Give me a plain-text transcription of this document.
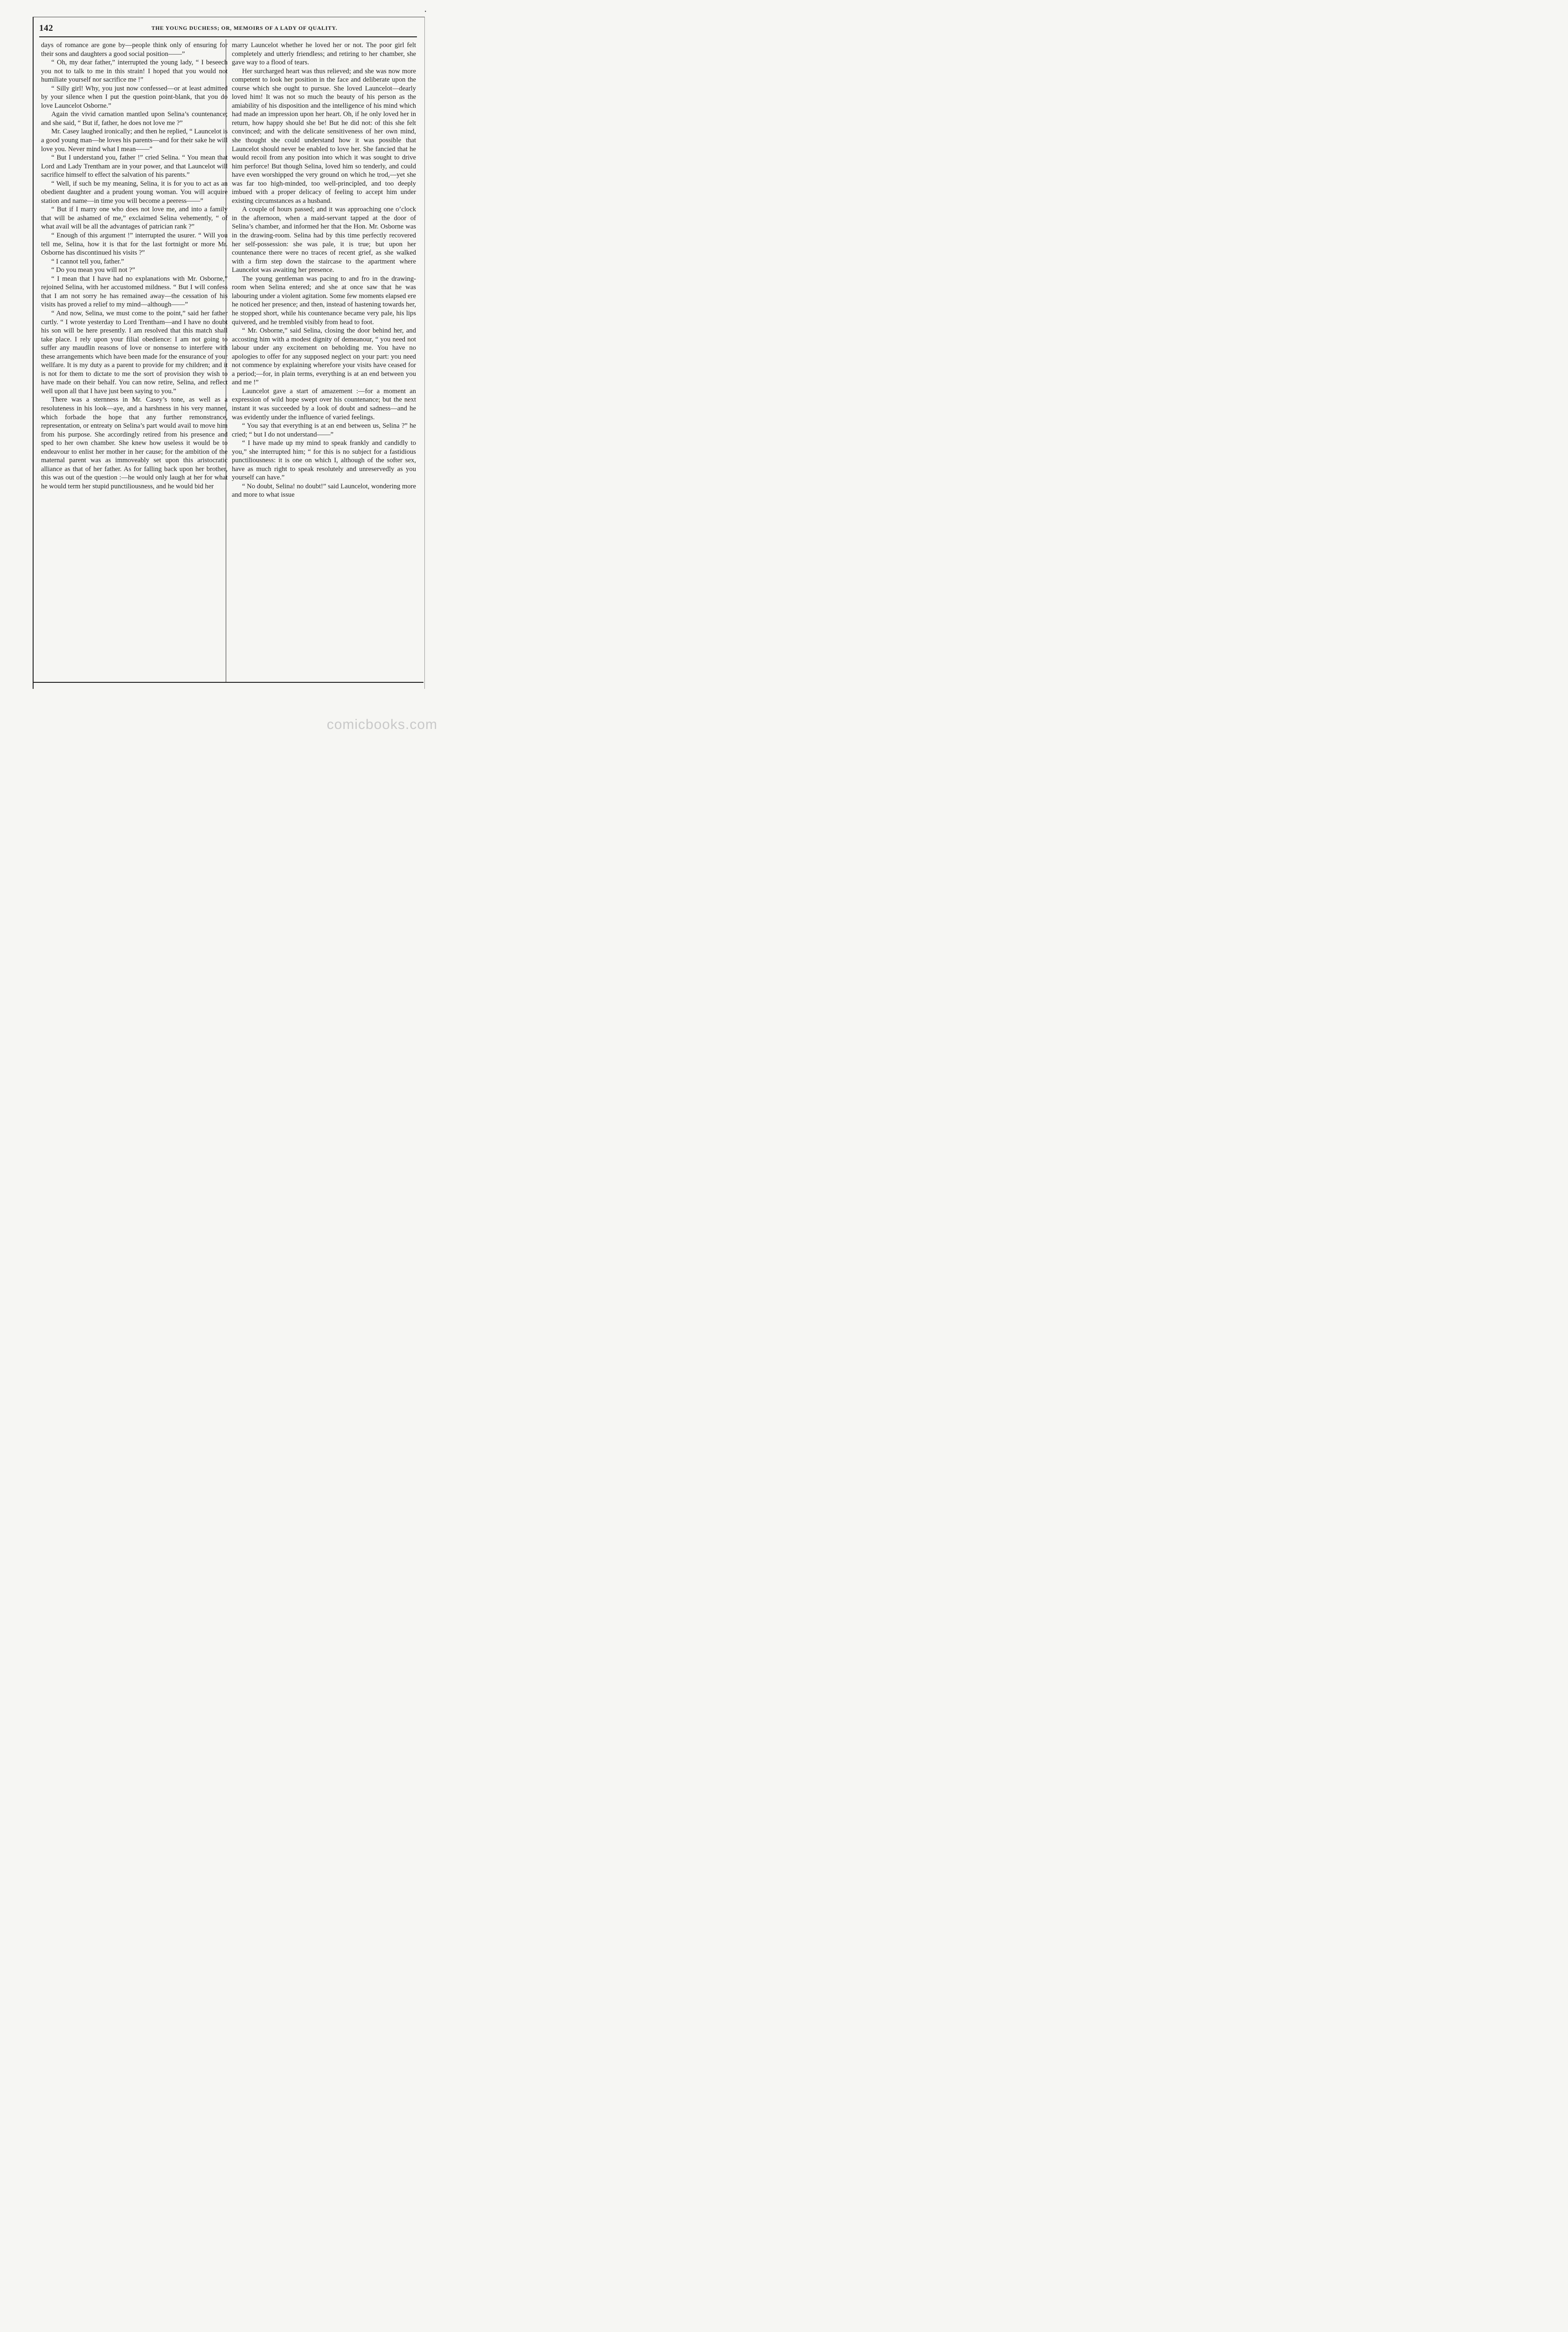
•
142	THE YOUNG DUCHESS; OR, MEMOIRS OF A LADY OF QUALITY.

days of romance are gone by—people think only of ensuring for their sons and daughters a good social position——”

“ Oh, my dear father,” interrupted the young lady, “ I beseech you not to talk to me in this strain! I hoped that you would not humiliate yourself nor sacrifice me !”

“ Silly girl! Why, you just now confessed—or at least admitted by your silence when I put the question point-blank, that you do love Launcelot Osborne.”

Again the vivid carnation mantled upon Selina’s countenance; and she said, “ But if, father, he does not love me ?”

Mr. Casey laughed ironically; and then he replied, “ Launcelot is a good young man—he loves his parents—and for their sake he will love you. Never mind what I mean——”

“ But I understand you, father !” cried Selina. “ You mean that Lord and Lady Trentham are in your power, and that Launcelot will sacrifice himself to effect the salvation of his parents.”

“ Well, if such be my meaning, Selina, it is for you to act as an obedient daughter and a prudent young woman. You will acquire station and name—in time you will become a peeress——”

“ But if I marry one who does not love me, and into a family that will be ashamed of me,” exclaimed Selina vehemently, “ of what avail will be all the advantages of patrician rank ?”

“ Enough of this argument !” interrupted the usurer. “ Will you tell me, Selina, how it is that for the last fortnight or more Mr. Osborne has discontinued his visits ?”

“ I cannot tell you, father.”

“ Do you mean you will not ?”

“ I mean that I have had no explanations with Mr. Osborne,” rejoined Selina, with her accustomed mildness. “ But I will confess that I am not sorry he has remained away—the cessation of his visits has proved a relief to my mind—although——”

“ And now, Selina, we must come to the point,” said her father curtly. “ I wrote yesterday to Lord Trentham—and I have no doubt his son will be here presently. I am resolved that this match shall take place. I rely upon your filial obedience: I am not going to suffer any maudlin reasons of love or nonsense to interfere with these arrangements which have been made for the ensurance of your wellfare. It is my duty as a parent to provide for my children; and it is not for them to dictate to me the sort of provision they wish to have made on their behalf. You can now retire, Selina, and reflect well upon all that I have just been saying to you.”

There was a sternness in Mr. Casey’s tone, as well as a resoluteness in his look—aye, and a harshness in his very manner, which forbade the hope that any further remonstrance, representation, or entreaty on Selina’s part would avail to move him from his purpose. She accordingly retired from his presence and sped to her own chamber. She knew how useless it would be to endeavour to enlist her mother in her cause; for the ambition of the maternal parent was as immoveably set upon this aristocratic alliance as that of her father. As for falling back upon her brother, this was out of the question :—he would only laugh at her for what he would term her stupid punctiliousness, and he would bid her

marry Launcelot whether he loved her or not. The poor girl felt completely and utterly friendless; and retiring to her chamber, she gave way to a flood of tears.

Her surcharged heart was thus relieved; and she was now more competent to look her position in the face and deliberate upon the course which she ought to pursue. She loved Launcelot—dearly loved him! It was not so much the beauty of his person as the amiability of his disposition and the intelligence of his mind which had made an impression upon her heart. Oh, if he only loved her in return, how happy should she be! But he did not: of this she felt convinced; and with the delicate sensitiveness of her own mind, she thought she could understand how it was possible that Launcelot should never be enabled to love her. She fancied that he would recoil from any position into which it was sought to drive him perforce! But though Selina, loved him so tenderly, and could have even worshipped the very ground on which he trod,—yet she was far too high-minded, too well-principled, and too deeply imbued with a proper delicacy of feeling to accept him under existing circumstances as a husband.

A couple of hours passed; and it was approaching one o’clock in the afternoon, when a maid-servant tapped at the door of Selina’s chamber, and informed her that the Hon. Mr. Osborne was in the drawing-room. Selina had by this time perfectly recovered her self-possession: she was pale, it is true; but upon her countenance there were no traces of recent grief, as she walked with a firm step down the staircase to the apartment where Launcelot was awaiting her presence.

The young gentleman was pacing to and fro in the drawing-room when Selina entered; and she at once saw that he was labouring under a violent agitation. Some few moments elapsed ere he noticed her presence; and then, instead of hastening towards her, he stopped short, while his countenance became very pale, his lips quivered, and he trembled visibly from head to foot.

“ Mr. Osborne,” said Selina, closing the door behind her, and accosting him with a modest dignity of demeanour, “ you need not labour under any excitement on beholding me. You have no apologies to offer for any supposed neglect on your part: you need not commence by explaining wherefore your visits have ceased for a period;—for, in plain terms, everything is at an end between you and me !”

Launcelot gave a start of amazement :—for a moment an expression of wild hope swept over his countenance; but the next instant it was succeeded by a look of doubt and sadness—and he was evidently under the influence of varied feelings.

“ You say that everything is at an end between us, Selina ?” he cried; “ but I do not understand——”

“ I have made up my mind to speak frankly and candidly to you,” she interrupted him; “ for this is no subject for a fastidious punctiliousness: it is one on which I, although of the softer sex, have as much right to speak resolutely and unreservedly as you yourself can have.”

“ No doubt, Selina! no doubt!” said Launcelot, wondering more and more to what issue

comicbooks.com
